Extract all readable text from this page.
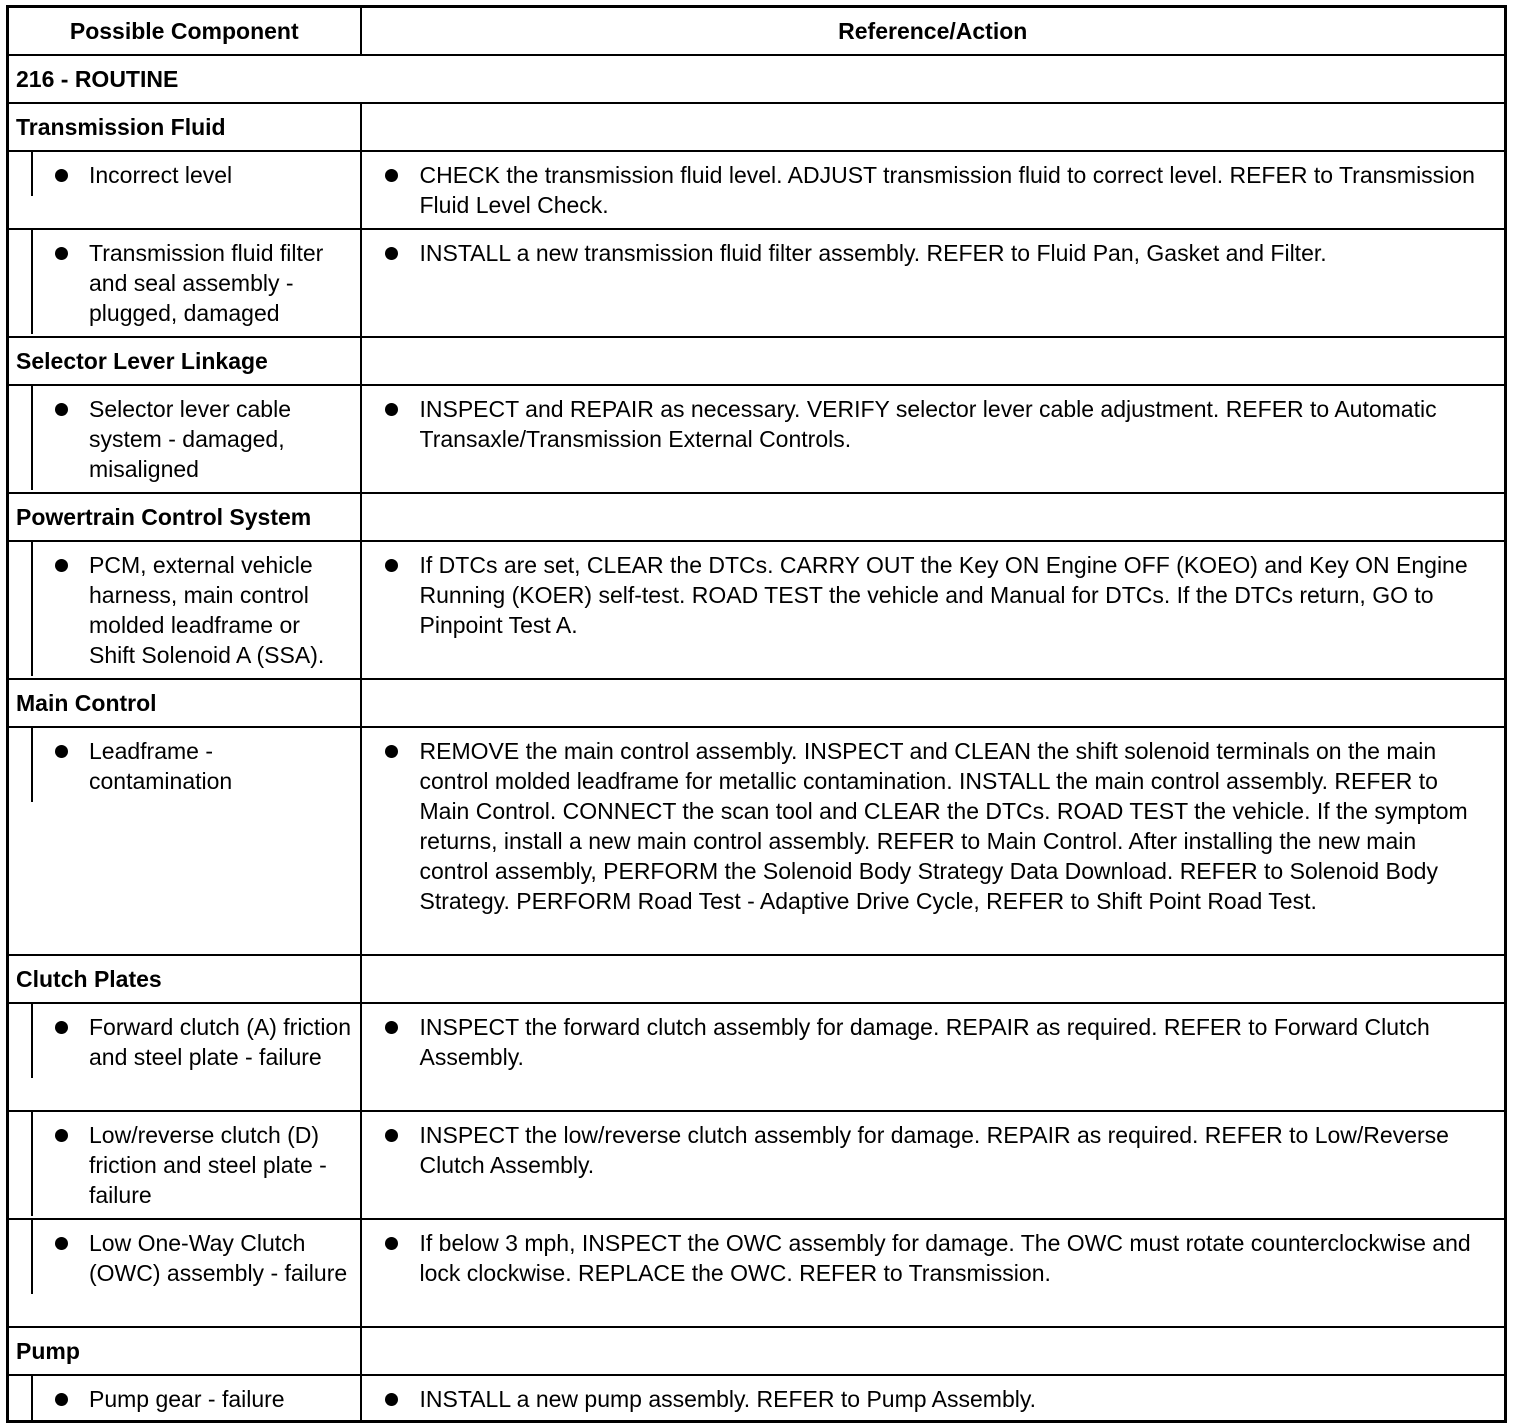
Possible Component	Reference/Action
216 - ROUTINE	
Transmission Fluid	

Incorrect level	CHECK the transmission fluid level. ADJUST transmission fluid to correct level. REFER to Transmission Fluid Level Check.

Transmission fluid filter and seal assembly - plugged, damaged	INSTALL a new transmission fluid filter assembly. REFER to Fluid Pan, Gasket and Filter.

Selector Lever Linkage	

Selector lever cable system - damaged, misaligned	INSPECT and REPAIR as necessary. VERIFY selector lever cable adjustment. REFER to Automatic Transaxle/Transmission External Controls.

Powertrain Control System	

PCM, external vehicle harness, main control molded leadframe or Shift Solenoid A (SSA).	If DTCs are set, CLEAR the DTCs. CARRY OUT the Key ON Engine OFF (KOEO) and Key ON Engine Running (KOER) self-test. ROAD TEST the vehicle and Manual for DTCs. If the DTCs return, GO to Pinpoint Test A.

Main Control	

Leadframe - contamination	REMOVE the main control assembly. INSPECT and CLEAN the shift solenoid terminals on the main control molded leadframe for metallic contamination. INSTALL the main control assembly. REFER to Main Control. CONNECT the scan tool and CLEAR the DTCs. ROAD TEST the vehicle. If the symptom returns, install a new main control assembly. REFER to Main Control. After installing the new main control assembly, PERFORM the Solenoid Body Strategy Data Download. REFER to Solenoid Body Strategy. PERFORM Road Test - Adaptive Drive Cycle, REFER to Shift Point Road Test.

Clutch Plates	

Forward clutch (A) friction and steel plate - failure	INSPECT the forward clutch assembly for damage. REPAIR as required. REFER to Forward Clutch Assembly.

Low/reverse clutch (D) friction and steel plate - failure	INSPECT the low/reverse clutch assembly for damage. REPAIR as required. REFER to Low/Reverse Clutch Assembly.

Low One-Way Clutch (OWC) assembly - failure	If below 3 mph, INSPECT the OWC assembly for damage. The OWC must rotate counterclockwise and lock clockwise. REPLACE the OWC. REFER to Transmission.

Pump	

Pump gear - failure	INSTALL a new pump assembly. REFER to Pump Assembly.
